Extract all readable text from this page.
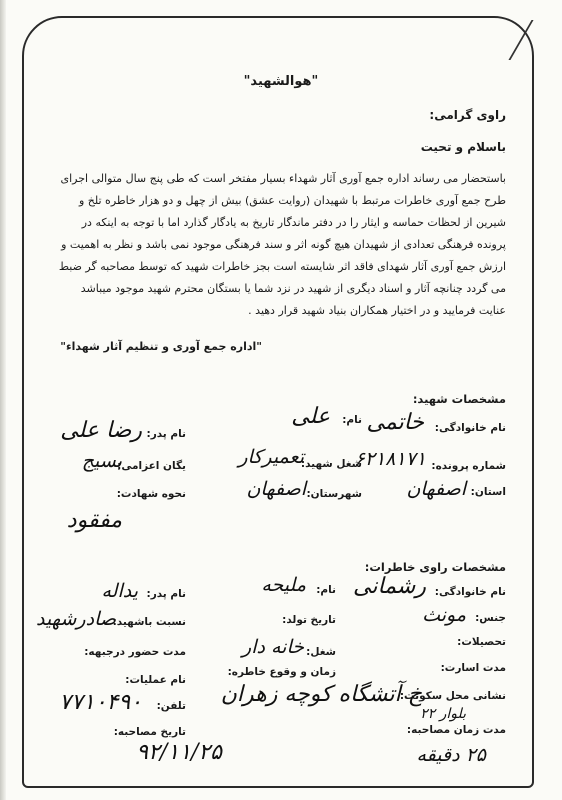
"هوالشهید"
راوی گرامی:
باسلام و تحیت
باستحضار می رساند اداره جمع آوری آثار شهداء بسیار مفتخر است که طی پنج سال متوالی اجرای
طرح جمع آوری خاطرات مرتبط با شهیدان (روایت عشق) بیش از چهل و دو هزار خاطره تلخ و
شیرین از لحظات حماسه و ایثار را در دفتر ماندگار تاریخ به یادگار گذارد اما با توجه به اینکه در
پرونده فرهنگی تعدادی از شهیدان هیچ گونه اثر و سند فرهنگی موجود نمی باشد و نظر به اهمیت و
ارزش جمع آوری آثار شهدای فاقد اثر شایسته است بجز خاطرات شهید که توسط مصاحبه گر ضبط
می گردد چنانچه آثار و اسناد دیگری از شهید در نزد شما یا بستگان محترم شهید موجود میباشد
عنایت فرمایید و در اختیار همکاران بنیاد شهید قرار دهید .
"اداره جمع آوری و تنظیم آثار شهداء"
مشخصات شهید:
نام خانوادگی:
خاتمی
نام:
علی
نام پدر:
رضا علی
شماره پرونده:
۶۲۱۸۱۷۱
شغل شهید:
تعمیرکار
یگان اعزامی:
بسیج
استان:
اصفهان
شهرستان:
اصفهان
نحوه شهادت:
مفقود
مشخصات راوی خاطرات:
نام خانوادگی:
رشمانی
نام:
ملیحه
نام پدر:
یداله
جنس:
مونث
تاریخ تولد:
نسبت باشهید:
صادرشهید
تحصیلات:
شغل:
خانه دار
مدت حضور درجبهه:
مدت اسارت:
زمان و وقوع خاطره:
نام عملیات:
نشانی محل سکونت:
خ آتشگاه کوچه زهران
تلفن:
۷۷۱۰۴۹۰	بلوار ۲۲
مدت زمان مصاحبه:
۲۵ دقیقه
تاریخ مصاحبه:
۹۲/۱۱/۲۵
